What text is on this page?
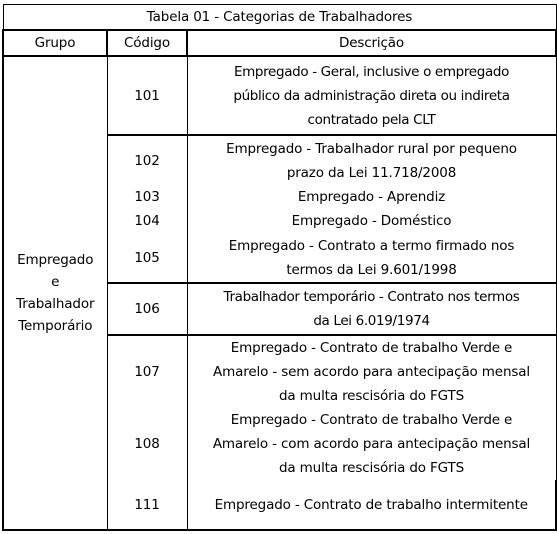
Tabela 01 - Categorias de Trabalhadores		
Grupo	Código	Descrição

Empregado
e
Trabalhador
Temporário	101	Empregado - Geral, inclusive o empregado
público da administração direta ou indireta
contratado pela CLT

	102	Empregado - Trabalhador rural por pequeno
prazo da Lei 11.718/2008

	103	Empregado - Aprendiz

	104	Empregado - Doméstico

	105	Empregado - Contrato a termo firmado nos
termos da Lei 9.601/1998

	106	Trabalhador temporário - Contrato nos termos
da Lei 6.019/1974

	107	Empregado - Contrato de trabalho Verde e
Amarelo - sem acordo para antecipação mensal
da multa rescisória do FGTS

	108	Empregado - Contrato de trabalho Verde e
Amarelo - com acordo para antecipação mensal
da multa rescisória do FGTS

	111	Empregado - Contrato de trabalho intermitente
